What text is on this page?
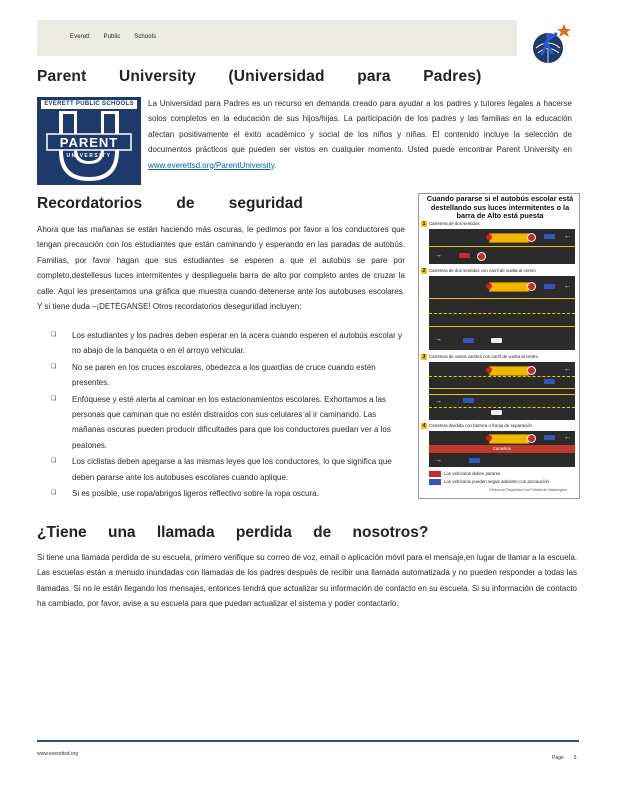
Everett Public Schools
Parent University (Universidad para Padres)
EVERETT PUBLIC SCHOOLS
PARENT
UNIVERSITY
La Universidad para Padres es un recurso en demanda creado para ayudar a los padres y tutores legales a hacerse solos completos en la educación de sus hijos/hijas. La participación de los padres y las familias en la educación afectan positivamente el éxito académico y social de los niños y niñas. El contenido incluye la selección de documentos prácticos que pueden ser vistos en cualquier momento. Usted puede encontrar Parent University en www.everettsd.org/ParentUniversity.
Recordatorios de seguridad
Ahora que las mañanas se están haciendo más oscuras, le pedimos por favor a los conductores que tengan precaución con los estudiantes que están caminando y esperando en las paradas de autobús. Familias, por favor hagan que sus estudiantes se esperen a que el autobús se pare por completo,destellesus luces intermitentes y desplieguela barra de alto por completo antes de cruzar la calle. Aquí les presentamos una gráfica que muestra cuando detenerse ante los autobuses escolares. Y si tiene duda –¡DETÉGANSE! Otros recordatorios deseguridad incluyen:
❑ Los estudiantes y los padres deben esperar en la acera cuando esperen el autobús escolar y no abajo de la banqueta o en el arroyo vehicular.
❑ No se paren en los cruces escolares, obedezca a los guardias de cruce cuando estén presentes.
❑ Enfóquese y esté alerta al caminar en los estacionamientos escolares. Exhortamos a las personas que caminan que no estén distraídos con sus celulares al ir caminando. Las mañanas oscuras pueden producir dificultades para que los conductores puedan ver a los peatones.
❑ Los ciclistas deben apegarse a las mismas leyes que los conductores, lo que significa que deben pararse ante los autobuses escolares cuando aplique.
❑ Si es posible, use ropa/abrigos ligeros reflectivo sobre la ropa oscura.
Cuando pararse si el autobús escolar está destellando sus luces intermitentes o la barra de Alto está puesta
1 Carretera de dos sentidos
←
→
2 Carretera de dos sentidos con carril de vuelta al centro
←
→
3 Carretera de varios carriles con carril de vuelta al centro
←
→
4 Carretera dividida con barrera o franja de separación
←
Camellón
→
Los vehículos deben pararse
Los vehículos pueden seguir adelante con precaución
Oficina de Seguridad Vial Pública de Washington
¿Tiene una llamada perdida de nosotros?
Si tiene una llamada perdida de su escuela, primero verifique su correo de voz, email o aplicación móvil para el mensaje,en lugar de llamar a la escuela. Las escuelas están a menudo inundadas con llamadas de los padres después de recibir una llamada automatizada y no pueden responder a todas las llamadas. Si no le están llegando los mensajes, entonces tendrá que actualizar su información de contacto en su escuela. Si su información de contacto ha cambiado, por favor, avise a su escuela para que puedan actualizar el sistema y poder contactarlo.
www.everettsd.org
Page 5
